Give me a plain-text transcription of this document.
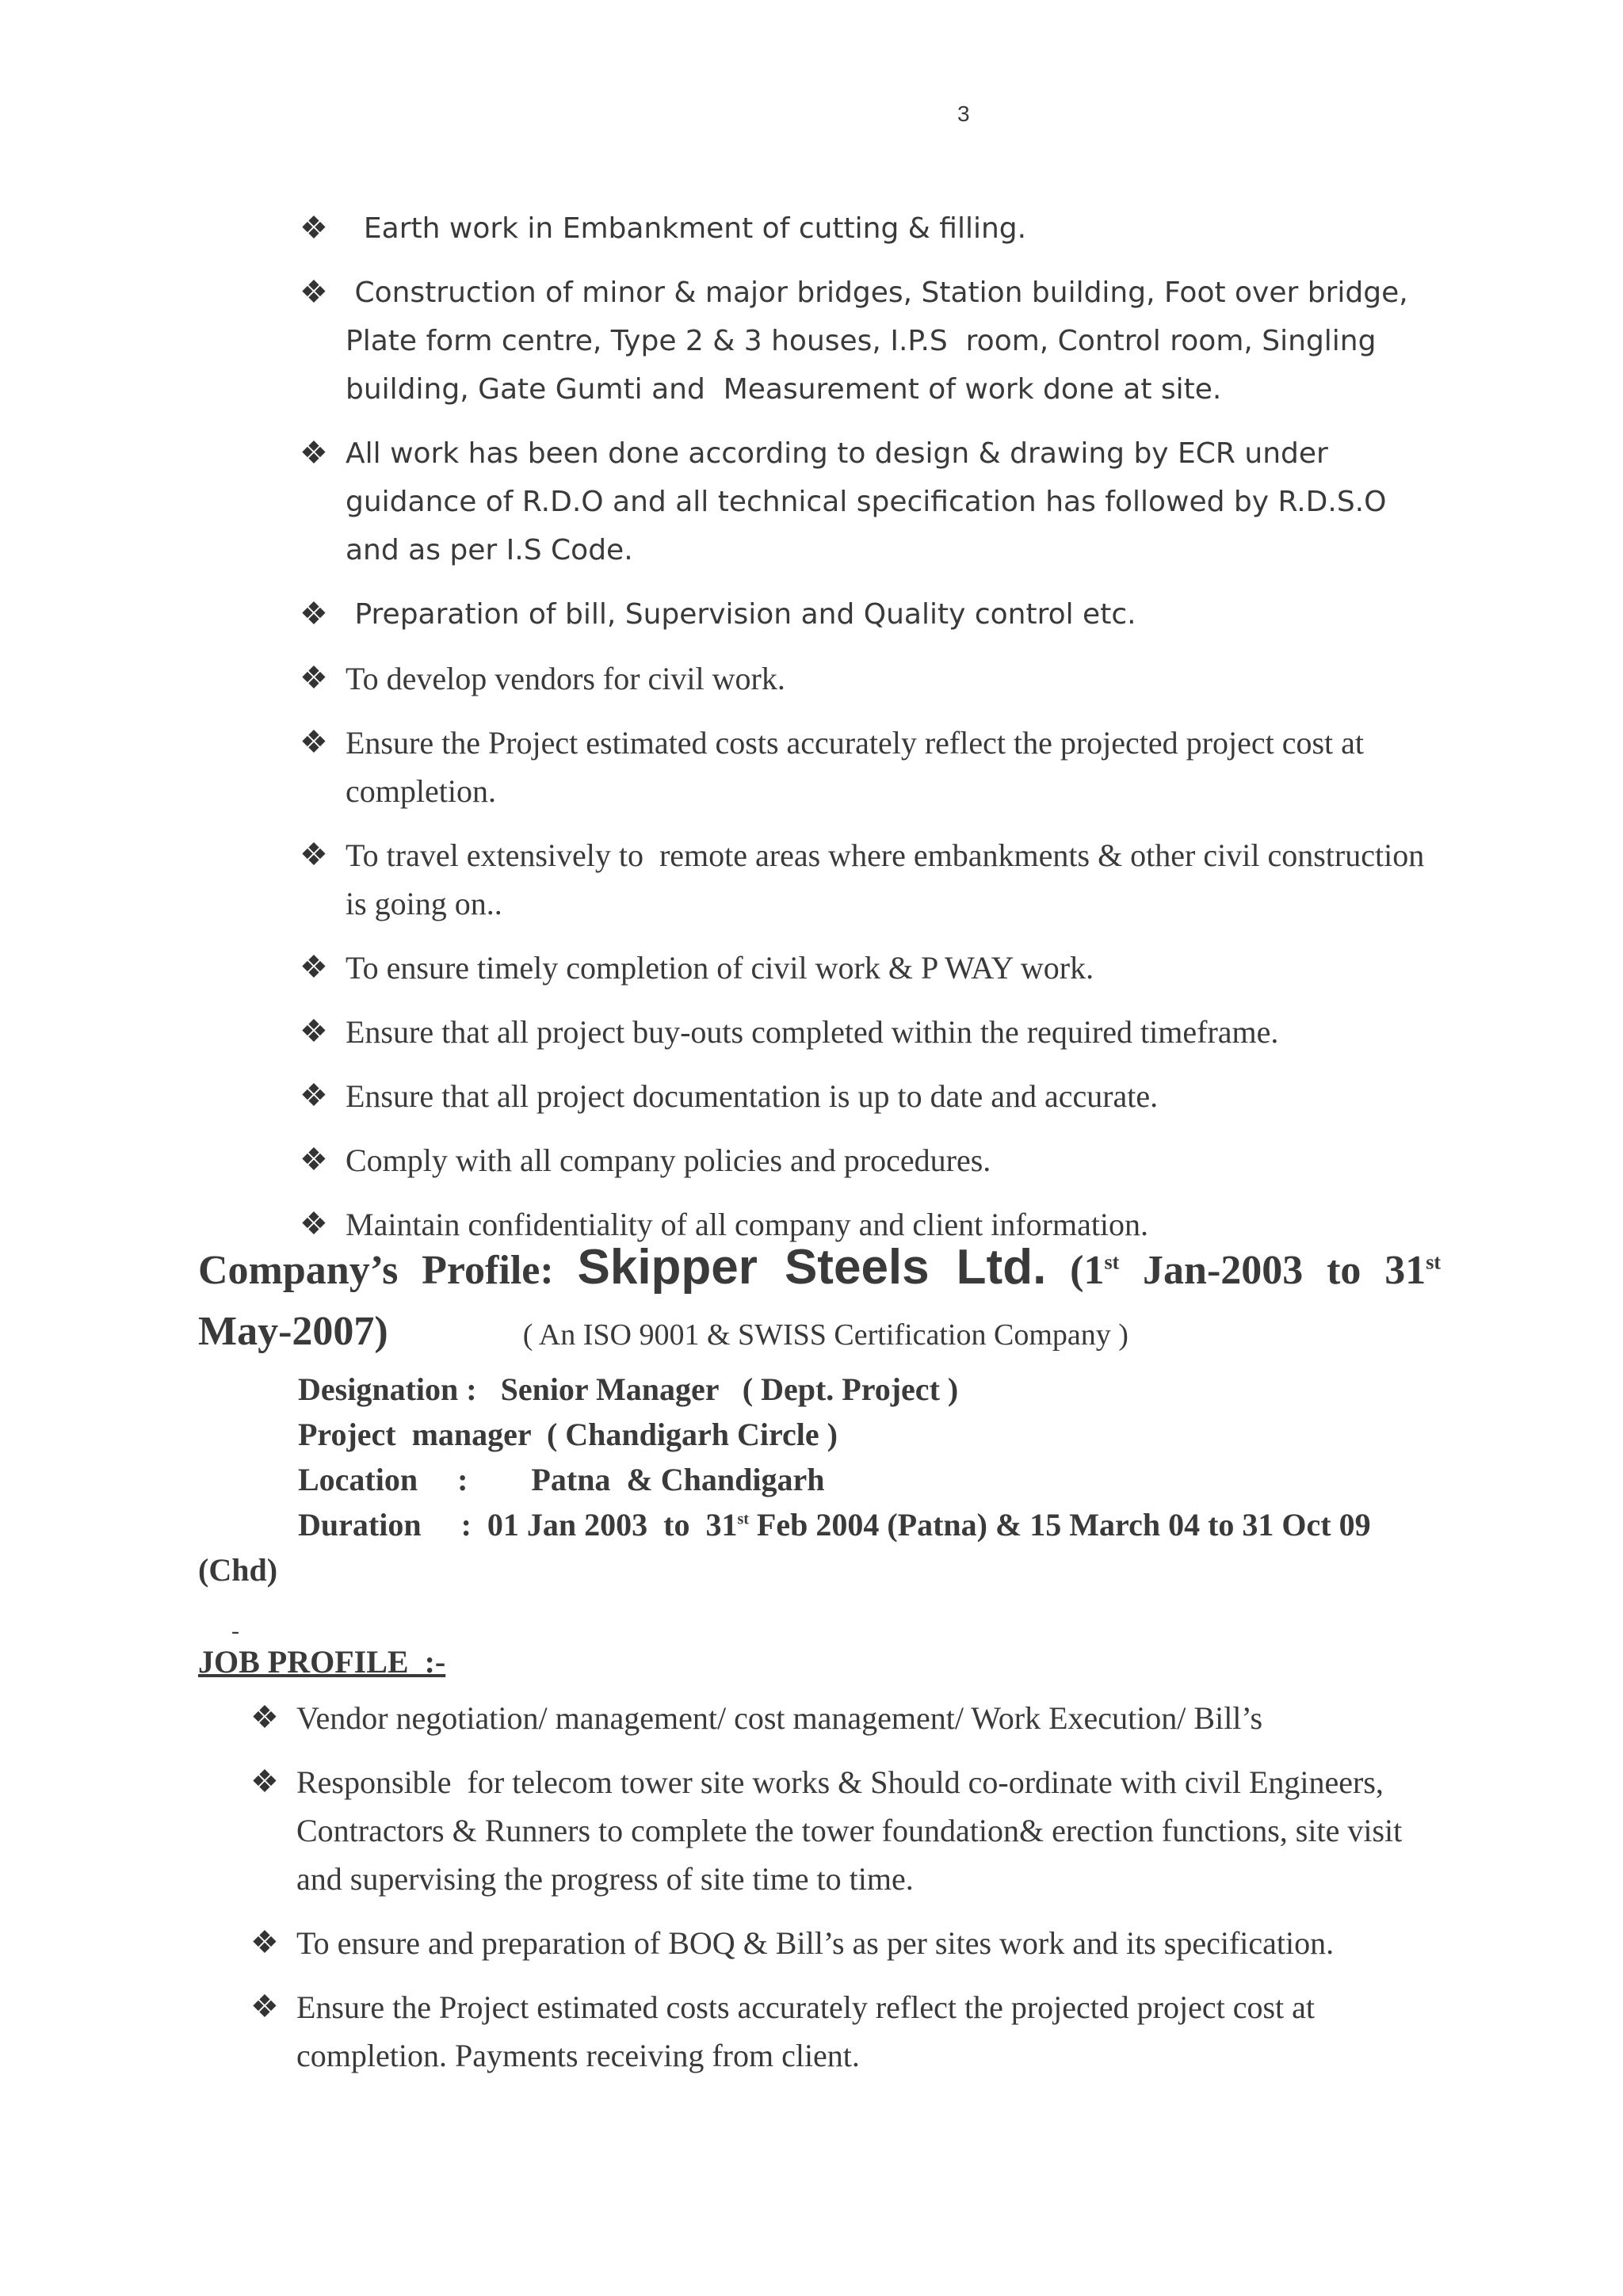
3
❖ Earth work in Embankment of cutting & filling.
❖ Construction of minor & major bridges, Station building, Foot over bridge, Plate form centre, Type 2 & 3 houses, I.P.S  room, Control room, Singling building, Gate Gumti and  Measurement of work done at site.
❖ All work has been done according to design & drawing by ECR under guidance of R.D.O and all technical specification has followed by R.D.S.O and as per I.S Code.
❖ Preparation of bill, Supervision and Quality control etc.
❖ To develop vendors for civil work.
❖ Ensure the Project estimated costs accurately reflect the projected project cost at completion.
❖ To travel extensively to  remote areas where embankments & other civil construction is going on..
❖ To ensure timely completion of civil work & P WAY work.
❖ Ensure that all project buy-outs completed within the required timeframe.
❖ Ensure that all project documentation is up to date and accurate.
❖ Comply with all company policies and procedures.
❖ Maintain confidentiality of all company and client information.
Company’s Profile: Skipper Steels Ltd. (1st Jan-2003 to 31st
May-2007)	( An ISO 9001 & SWISS Certification Company )
Designation :   Senior Manager   ( Dept. Project )
Project  manager  ( Chandigarh Circle )
Location     :        Patna  & Chandigarh
Duration     :  01 Jan 2003  to  31st Feb 2004 (Patna) & 15 March 04 to 31 Oct 09 (Chd)
-
JOB PROFILE  :-
❖ Vendor negotiation/ management/ cost management/ Work Execution/ Bill’s
❖ Responsible  for telecom tower site works & Should co-ordinate with civil Engineers, Contractors & Runners to complete the tower foundation& erection functions, site visit and supervising the progress of site time to time.
❖ To ensure and preparation of BOQ & Bill’s as per sites work and its specification.
❖ Ensure the Project estimated costs accurately reflect the projected project cost at completion. Payments receiving from client.
